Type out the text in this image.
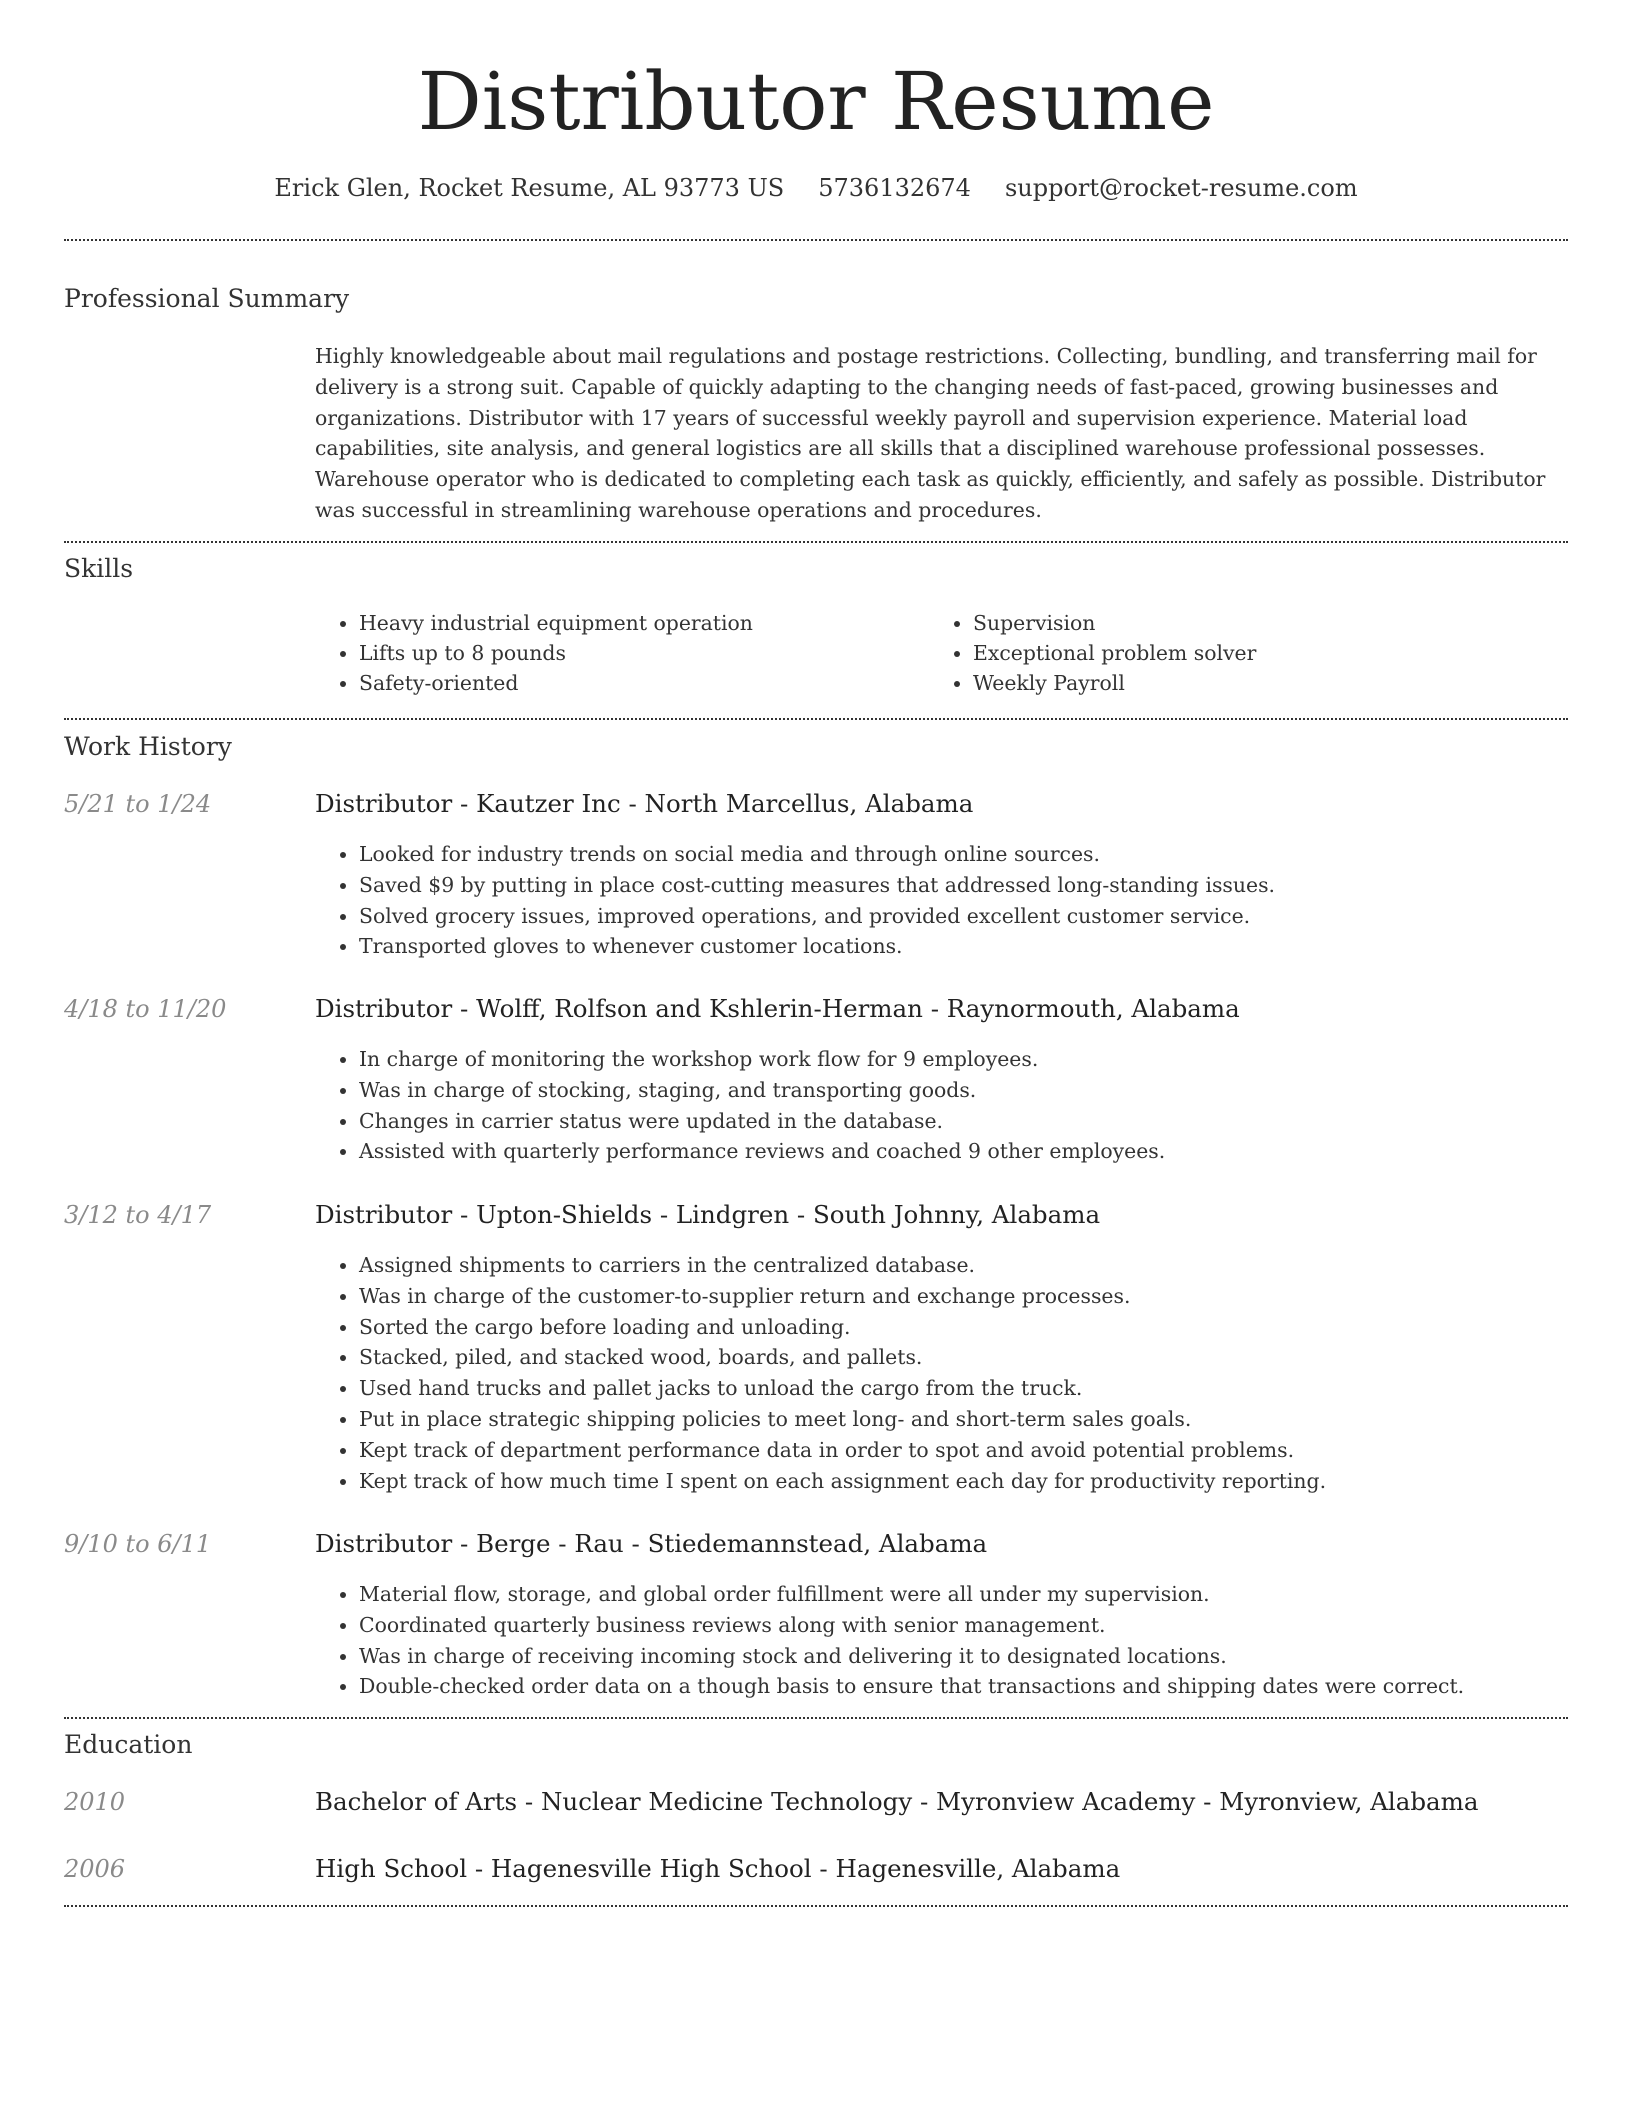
Distributor Resume
Erick Glen, Rocket Resume, AL 93773 US 5736132674 support@rocket-resume.com
Professional Summary

Highly knowledgeable about mail regulations and postage restrictions. Collecting, bundling, and transferring mail for delivery is a strong suit. Capable of quickly adapting to the changing needs of fast-paced, growing businesses and organizations. Distributor with 17 years of successful weekly payroll and supervision experience. Material load capabilities, site analysis, and general logistics are all skills that a disciplined warehouse professional possesses. Warehouse operator who is dedicated to completing each task as quickly, efficiently, and safely as possible. Distributor was successful in streamlining warehouse operations and procedures.

Skills
• Heavy industrial equipment operation
• Lifts up to 8 pounds
• Safety-oriented
• Supervision
• Exceptional problem solver
• Weekly Payroll
Work History
5/21 to 1/24	Distributor - Kautzer Inc - North Marcellus, Alabama
• Looked for industry trends on social media and through online sources.
• Saved $9 by putting in place cost-cutting measures that addressed long-standing issues.
• Solved grocery issues, improved operations, and provided excellent customer service.
• Transported gloves to whenever customer locations.
4/18 to 11/20	Distributor - Wolff, Rolfson and Kshlerin-Herman - Raynormouth, Alabama
• In charge of monitoring the workshop work flow for 9 employees.
• Was in charge of stocking, staging, and transporting goods.
• Changes in carrier status were updated in the database.
• Assisted with quarterly performance reviews and coached 9 other employees.
3/12 to 4/17	Distributor - Upton-Shields - Lindgren - South Johnny, Alabama
• Assigned shipments to carriers in the centralized database.
• Was in charge of the customer-to-supplier return and exchange processes.
• Sorted the cargo before loading and unloading.
• Stacked, piled, and stacked wood, boards, and pallets.
• Used hand trucks and pallet jacks to unload the cargo from the truck.
• Put in place strategic shipping policies to meet long- and short-term sales goals.
• Kept track of department performance data in order to spot and avoid potential problems.
• Kept track of how much time I spent on each assignment each day for productivity reporting.
9/10 to 6/11	Distributor - Berge - Rau - Stiedemannstead, Alabama
• Material flow, storage, and global order fulfillment were all under my supervision.
• Coordinated quarterly business reviews along with senior management.
• Was in charge of receiving incoming stock and delivering it to designated locations.
• Double-checked order data on a though basis to ensure that transactions and shipping dates were correct.
Education
2010	Bachelor of Arts - Nuclear Medicine Technology - Myronview Academy - Myronview, Alabama
2006	High School - Hagenesville High School - Hagenesville, Alabama
